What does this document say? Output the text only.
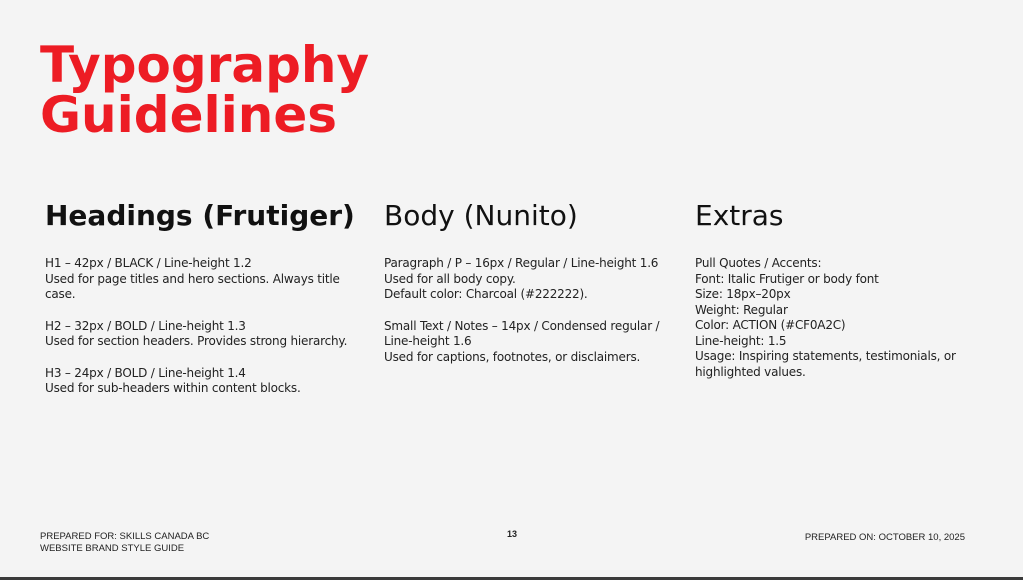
Typography
Guidelines
Headings (Frutiger)

H1 – 42px / BLACK / Line-height 1.2
Used for page titles and hero sections. Always title
case.

H2 – 32px / BOLD / Line-height 1.3
Used for section headers. Provides strong hierarchy.

H3 – 24px / BOLD / Line-height 1.4
Used for sub-headers within content blocks.

Body (Nunito)

Paragraph / P – 16px / Regular / Line-height 1.6
Used for all body copy.
Default color: Charcoal (#222222).

Small Text / Notes – 14px / Condensed regular /
Line-height 1.6
Used for captions, footnotes, or disclaimers.

Extras

Pull Quotes / Accents:
Font: Italic Frutiger or body font
Size: 18px–20px
Weight: Regular
Color: ACTION (#CF0A2C)
Line-height: 1.5
Usage: Inspiring statements, testimonials, or
highlighted values.

PREPARED FOR: SKILLS CANADA BC
WEBSITE BRAND STYLE GUIDE
13	PREPARED ON: OCTOBER 10, 2025
